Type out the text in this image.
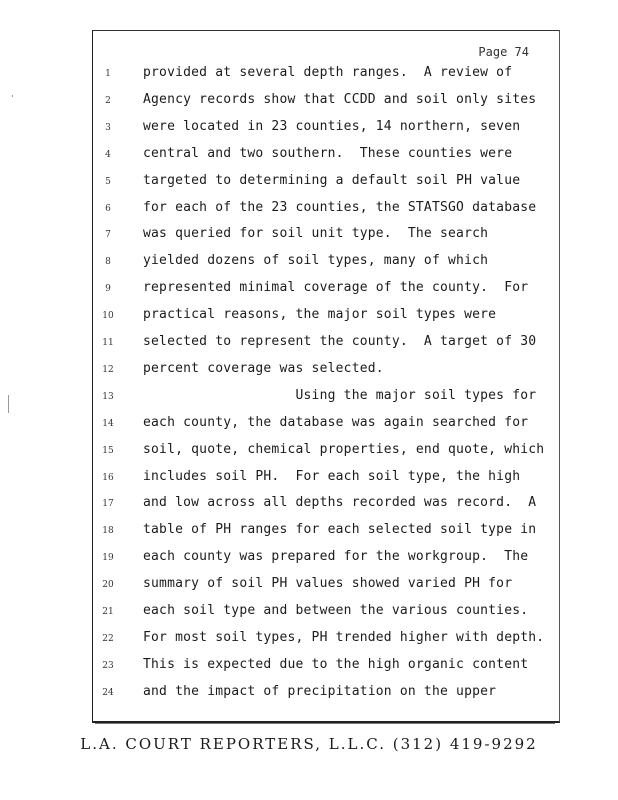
Page 74
1	provided at several depth ranges.  A review of
2	Agency records show that CCDD and soil only sites
3	were located in 23 counties, 14 northern, seven
4	central and two southern.  These counties were
5	targeted to determining a default soil PH value
6	for each of the 23 counties, the STATSGO database
7	was queried for soil unit type.  The search
8	yielded dozens of soil types, many of which
9	represented minimal coverage of the county.  For
10	practical reasons, the major soil types were
11	selected to represent the county.  A target of 30
12	percent coverage was selected.
13	Using the major soil types for
14	each county, the database was again searched for
15	soil, quote, chemical properties, end quote, which
16	includes soil PH.  For each soil type, the high
17	and low across all depths recorded was record.  A
18	table of PH ranges for each selected soil type in
19	each county was prepared for the workgroup.  The
20	summary of soil PH values showed varied PH for
21	each soil type and between the various counties.
22	For most soil types, PH trended higher with depth.
23	This is expected due to the high organic content
24	and the impact of precipitation on the upper
L.A. COURT REPORTERS, L.L.C. (312) 419-9292
